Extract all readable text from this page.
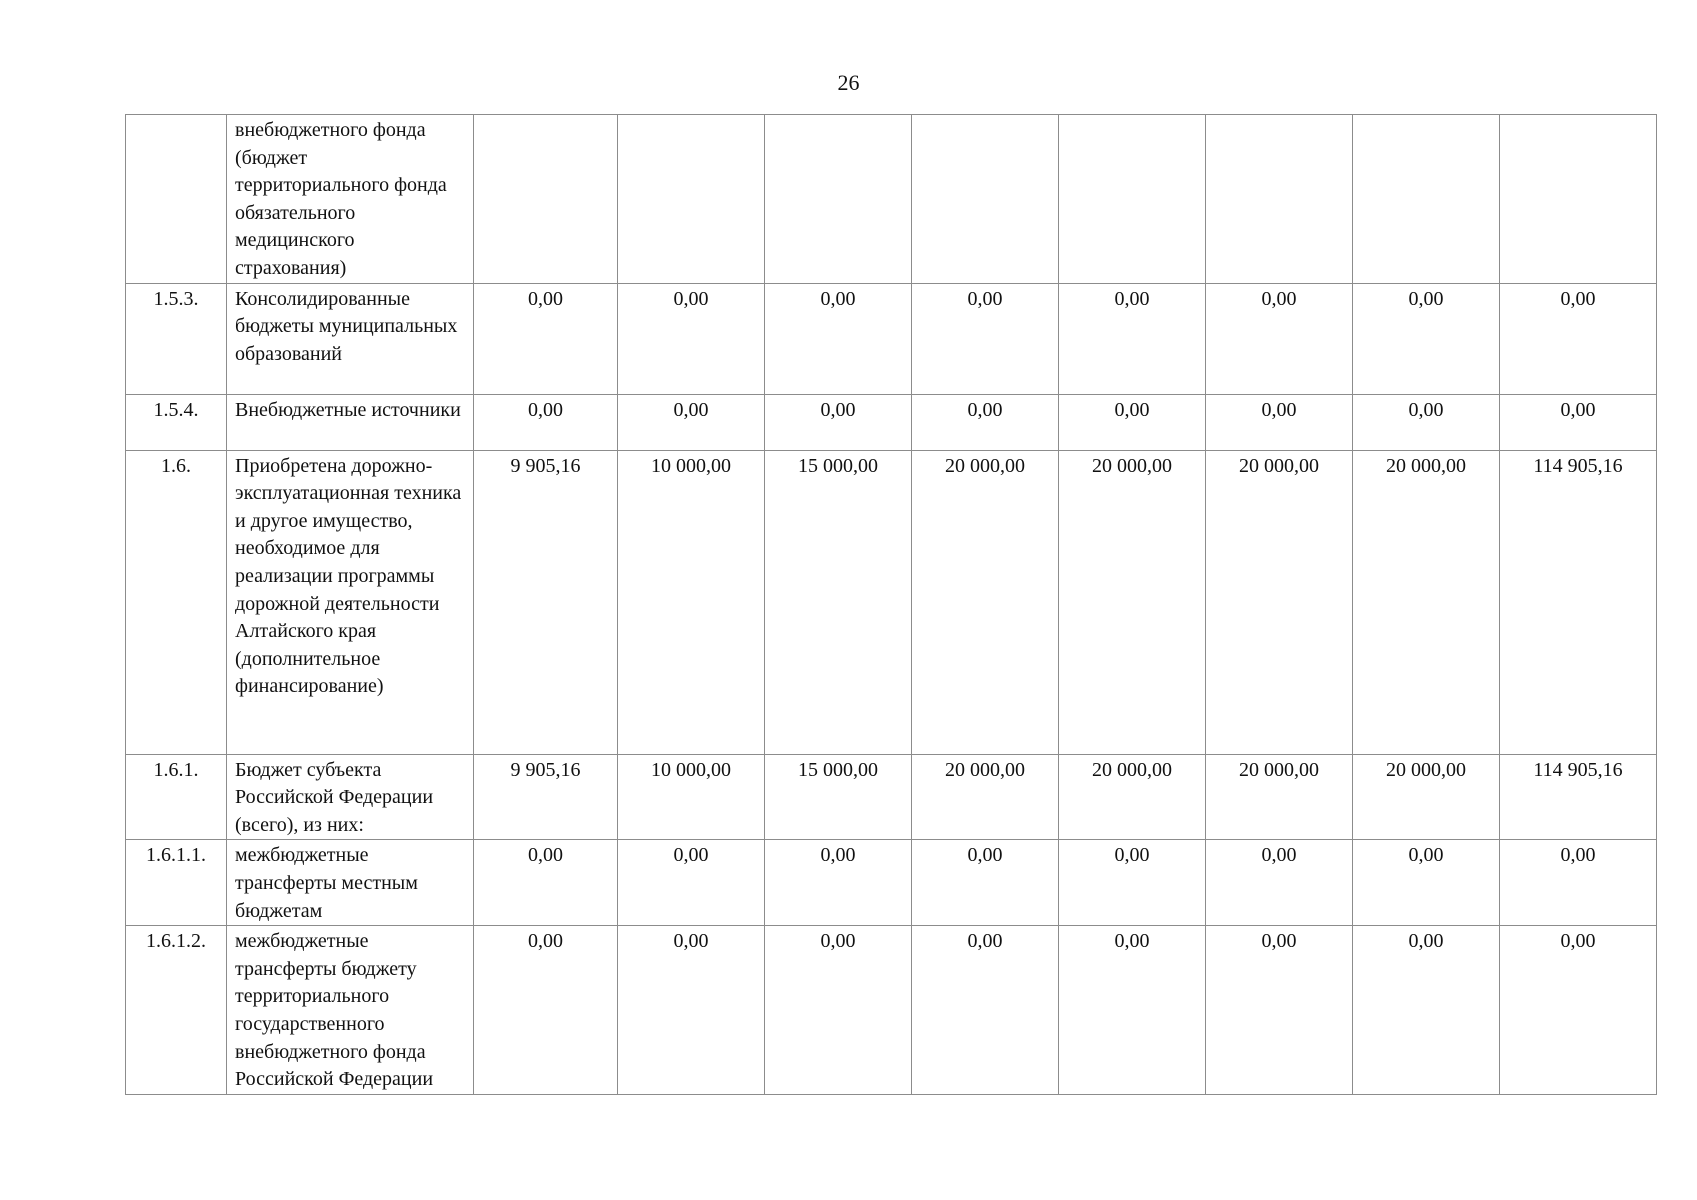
26
	внебюджетного фонда (бюджет территориального фонда обязательного медицинского страхования)								
1.5.3.	Консолидированные бюджеты муниципальных образований	0,00	0,00	0,00	0,00	0,00	0,00	0,00	0,00
1.5.4.	Внебюджетные источники	0,00	0,00	0,00	0,00	0,00	0,00	0,00	0,00
1.6.	Приобретена дорожно-эксплуатационная техника и другое имущество, необходимое для реализации программы дорожной деятельности Алтайского края (дополнительное финансирование)	9 905,16	10 000,00	15 000,00	20 000,00	20 000,00	20 000,00	20 000,00	114 905,16
1.6.1.	Бюджет субъекта Российской Федерации (всего), из них:	9 905,16	10 000,00	15 000,00	20 000,00	20 000,00	20 000,00	20 000,00	114 905,16
1.6.1.1.	межбюджетные трансферты местным бюджетам	0,00	0,00	0,00	0,00	0,00	0,00	0,00	0,00
1.6.1.2.	межбюджетные трансферты бюджету территориального государственного внебюджетного фонда Российской Федерации	0,00	0,00	0,00	0,00	0,00	0,00	0,00	0,00
